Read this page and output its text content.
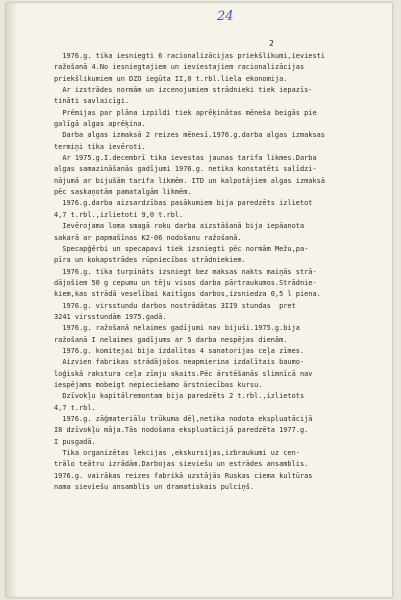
24
2
1976.g. tika iesniegti 6 racionalizācijas priekšlikumi,ieviesti
ražošanā 4.No iesniegtajiem un ieviestajiem racionalizācijas
priekšlikumiem un DZO iegūta II,0 t.rbl.liela ekonomija.
Ar izstrādes normām un izcenojumiem strādnieki tiek iepazīs-
tināti savlaicīgi.
Prēmijas par plāna izpildi tiek aprēķinātas mēneša beigās pie
galīgā algas aprēķina.
Darba algas izmaksā 2 reizes mēnesī.1976.g.darba algas izmaksas
termiņi tika ievēroti.
Ar 1975.g.I.decembrī tika ievestas jaunas tarifa likmes.Darba
algas samazināšanās gadījumi 1976.g. netika konstatēti salīdzi-
nājumā ar bijušām tarifa likmēm. ITD un kalpotājiem algas izmaksā
pēc saskaņotām pamatalgām likmēm.
1976.g.darba aizsardzības pasākumiem bija paredzēts izlietot
4,7 t.rbl.,izlietoti 9,0 t.rbl.
Ievērojama loma smagā roku darba aizstāšanā bija iepāanota
sakarā ar papmašīnas K2-06 nodošanu ražošanā.
Specapģērbi un specapavi tiek izsniegti pēc normām Mežu,pa-
pīra un kokapstrādes rūpniecības strādniekiem.
1976.g. tika turpināts izsniegt bez maksas nakts maiņās strā-
dājošiem 50 g cepumu un tēju visos darba pārtraukumos.Strādnie-
kiem,kas strādā veselībai kaitīgos darbos,izsniedza 0,5 l piena.
1976.g. virsstundu darbos nostrādātas 3II9 stundas  pret
3241 virsstundām 1975.gadā.
1976.g. ražošanā nelaimes gadījumi nav bijuši.1975.g.bija
ražošanā I nelaimes gadījums ar 5 darba nespējas dienām.
1976.g. komitejai bija izdalītas 4 sanatorijas ceļa zīmes.
Aizvien fabrikas strādājošos neapmierina izdalītais baumo-
loģiskā rakstura ceļa zīmju skaits.Pēc ārstēšanās slimnīcā nav
iespējams mobeigt nepieciešamo ārstniecības kursu.
Dzīvokļu kapitālremontam bija paredzēts 2 t.rbl.,izlietots
4,7 t.rbl.
1976.g. zāģmateriālu trūkuma dēļ,netika nodota ekspluatācijā
I8 dzīvokļu māja.Tās nodošana ekspluatācijā paredzēta 1977.g.
I pusgadā.
Tika organizētas lekcijas ,ekskursijas,izbraukumi uz cen-
trālo teātru izrādām.Darbojas sieviešu un estrādes ansamblis.
1976.g. vairākas reizes fabrikā uzstājās Ruskas ciema kultūras
nama sieviešu ansamblis un dramatiskais pulciņš.
